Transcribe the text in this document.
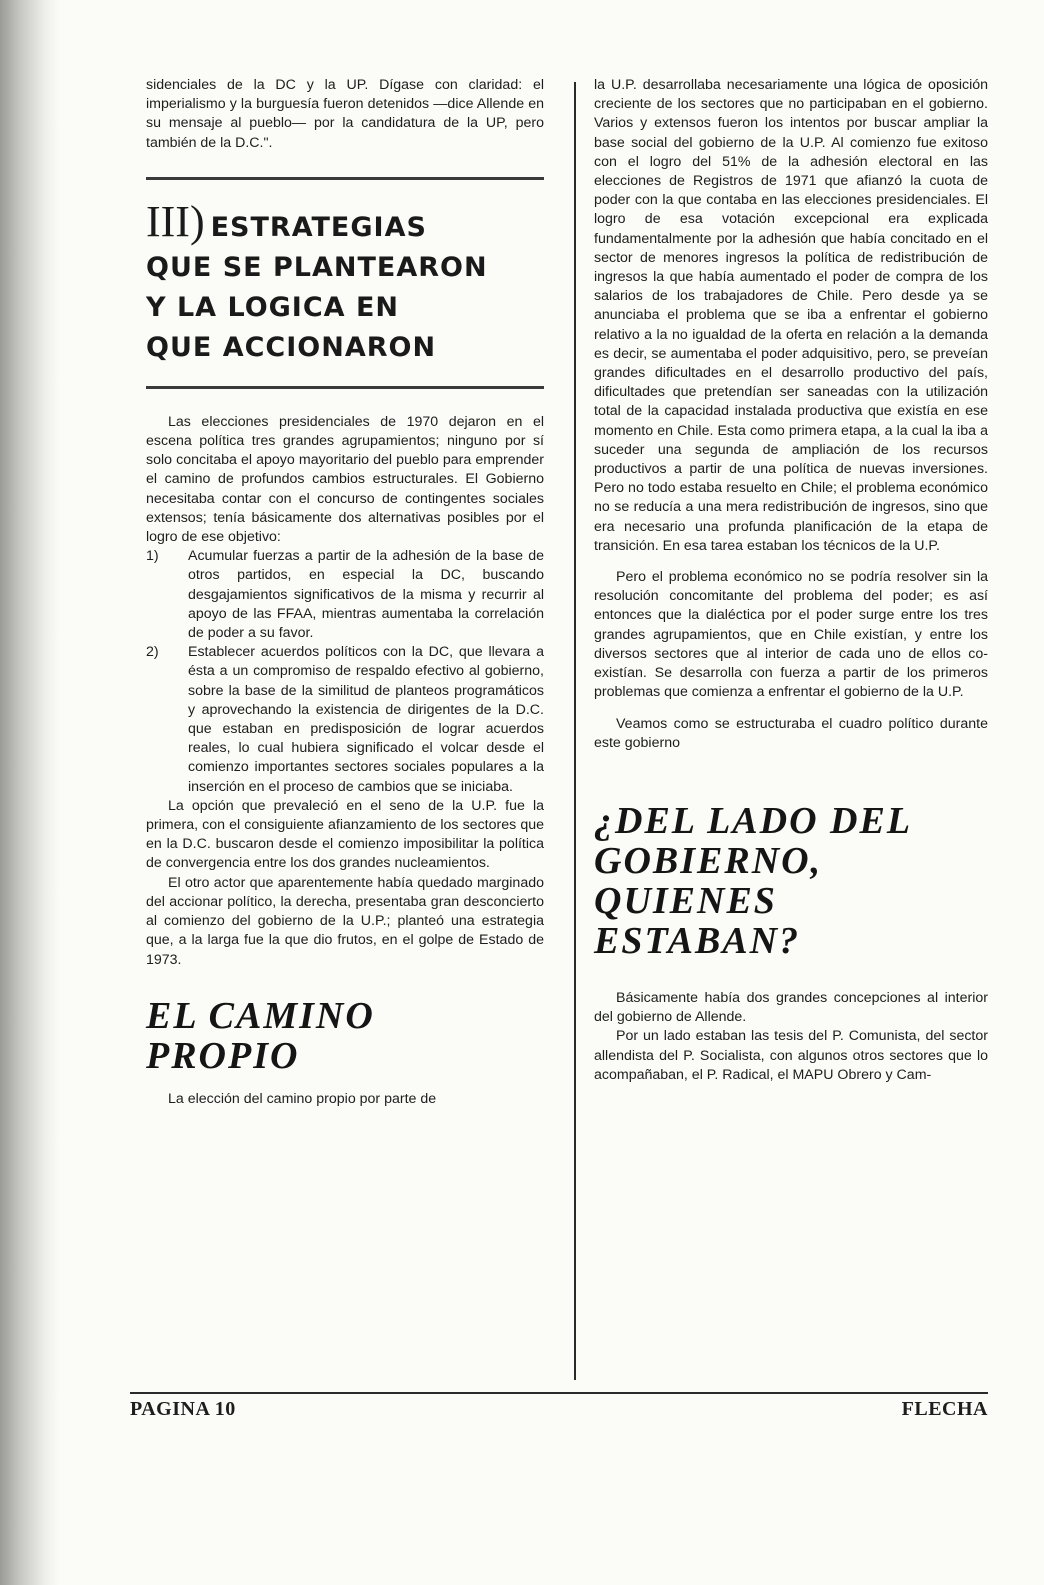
sidenciales de la DC y la UP. Dígase con claridad: el imperialismo y la burguesía fueron detenidos —dice Allende en su mensaje al pueblo— por la candidatura de la UP, pero también de la D.C.".

III) ESTRATEGIAS
QUE SE PLANTEARON
Y LA LOGICA EN
QUE ACCIONARON

Las elecciones presidenciales de 1970 dejaron en el escena política tres grandes agrupamientos; ninguno por sí solo concitaba el apoyo mayoritario del pueblo para emprender el camino de profundos cambios estructurales. El Gobierno necesitaba contar con el concurso de contingentes sociales extensos; tenía básicamente dos alternativas posibles por el logro de ese objetivo:

1) Acumular fuerzas a partir de la adhesión de la base de otros partidos, en especial la DC, buscando desgajamientos significativos de la misma y recurrir al apoyo de las FFAA, mientras aumentaba la correlación de poder a su favor.
2) Establecer acuerdos políticos con la DC, que llevara a ésta a un compromiso de respaldo efectivo al gobierno, sobre la base de la similitud de planteos programáticos y aprovechando la existencia de dirigentes de la D.C. que estaban en predisposición de lograr acuerdos reales, lo cual hubiera significado el volcar desde el comienzo importantes sectores sociales populares a la inserción en el proceso de cambios que se iniciaba.

La opción que prevaleció en el seno de la U.P. fue la primera, con el consiguiente afianzamiento de los sectores que en la D.C. buscaron desde el comienzo imposibilitar la política de convergencia entre los dos grandes nucleamientos.

El otro actor que aparentemente había quedado marginado del accionar político, la derecha, presentaba gran desconcierto al comienzo del gobierno de la U.P.; planteó una estrategia que, a la larga fue la que dio frutos, en el golpe de Estado de 1973.

EL CAMINO
PROPIO

La elección del camino propio por parte de

la U.P. desarrollaba necesariamente una lógica de oposición creciente de los sectores que no participaban en el gobierno. Varios y extensos fueron los intentos por buscar ampliar la base social del gobierno de la U.P. Al comienzo fue exitoso con el logro del 51% de la adhesión electoral en las elecciones de Registros de 1971 que afianzó la cuota de poder con la que contaba en las elecciones presidenciales. El logro de esa votación excepcional era explicada fundamentalmente por la adhesión que había concitado en el sector de menores ingresos la política de redistribución de ingresos la que había aumentado el poder de compra de los salarios de los trabajadores de Chile. Pero desde ya se anunciaba el problema que se iba a enfrentar el gobierno relativo a la no igualdad de la oferta en relación a la demanda es decir, se aumentaba el poder adquisitivo, pero, se preveían grandes dificultades en el desarrollo productivo del país, dificultades que pretendían ser saneadas con la utilización total de la capacidad instalada productiva que existía en ese momento en Chile. Esta como primera etapa, a la cual la iba a suceder una segunda de ampliación de los recursos productivos a partir de una política de nuevas inversiones. Pero no todo estaba resuelto en Chile; el problema económico no se reducía a una mera redistribución de ingresos, sino que era necesario una profunda planificación de la etapa de transición. En esa tarea estaban los técnicos de la U.P.

Pero el problema económico no se podría resolver sin la resolución concomitante del problema del poder; es así entonces que la dialéctica por el poder surge entre los tres grandes agrupamientos, que en Chile existían, y entre los diversos sectores que al interior de cada uno de ellos co-existían. Se desarrolla con fuerza a partir de los primeros problemas que comienza a enfrentar el gobierno de la U.P.

Veamos como se estructuraba el cuadro político durante este gobierno

¿DEL LADO DEL
GOBIERNO,
QUIENES
ESTABAN?

Básicamente había dos grandes concepciones al interior del gobierno de Allende.

Por un lado estaban las tesis del P. Comunista, del sector allendista del P. Socialista, con algunos otros sectores que lo acompañaban, el P. Radical, el MAPU Obrero y Cam-

PAGINA 10	FLECHA
